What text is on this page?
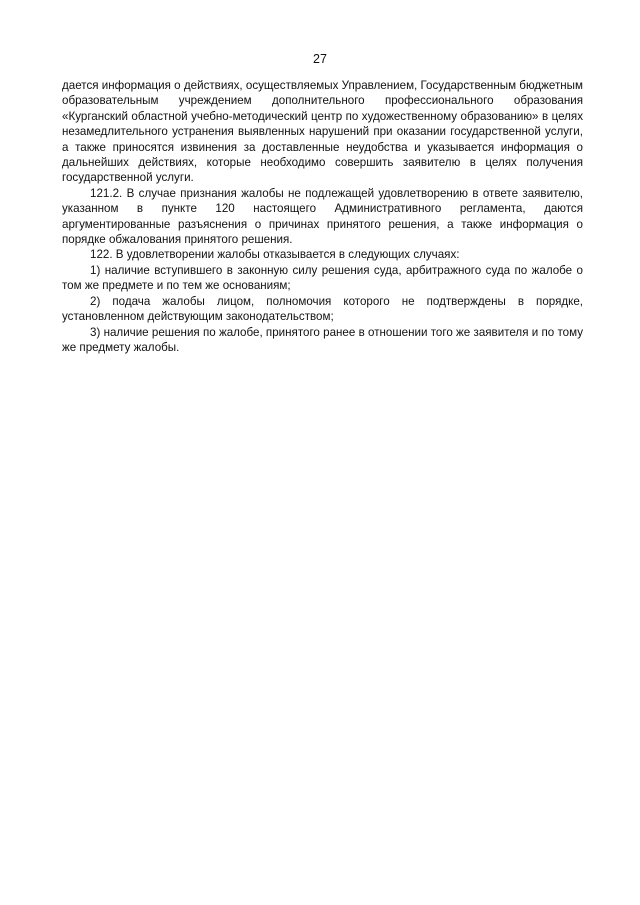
27

дается информация о действиях, осуществляемых Управлением, Государственным бюджетным образовательным учреждением дополнительного профессионального образования «Курганский областной учебно-методический центр по художественному образованию» в целях незамедлительного устранения выявленных нарушений при оказании государственной услуги, а также приносятся извинения за доставленные неудобства и указывается информация о дальнейших действиях, которые необходимо совершить заявителю в целях получения государственной услуги.

121.2. В случае признания жалобы не подлежащей удовлетворению в ответе заявителю, указанном в пункте 120 настоящего Административного регламента, даются аргументированные разъяснения о причинах принятого решения, а также информация о порядке обжалования принятого решения.

122. В удовлетворении жалобы отказывается в следующих случаях:

1) наличие вступившего в законную силу решения суда, арбитражного суда по жалобе о том же предмете и по тем же основаниям;

2) подача жалобы лицом, полномочия которого не подтверждены в порядке, установленном действующим законодательством;

3) наличие решения по жалобе, принятого ранее в отношении того же заявителя и по тому же предмету жалобы.
